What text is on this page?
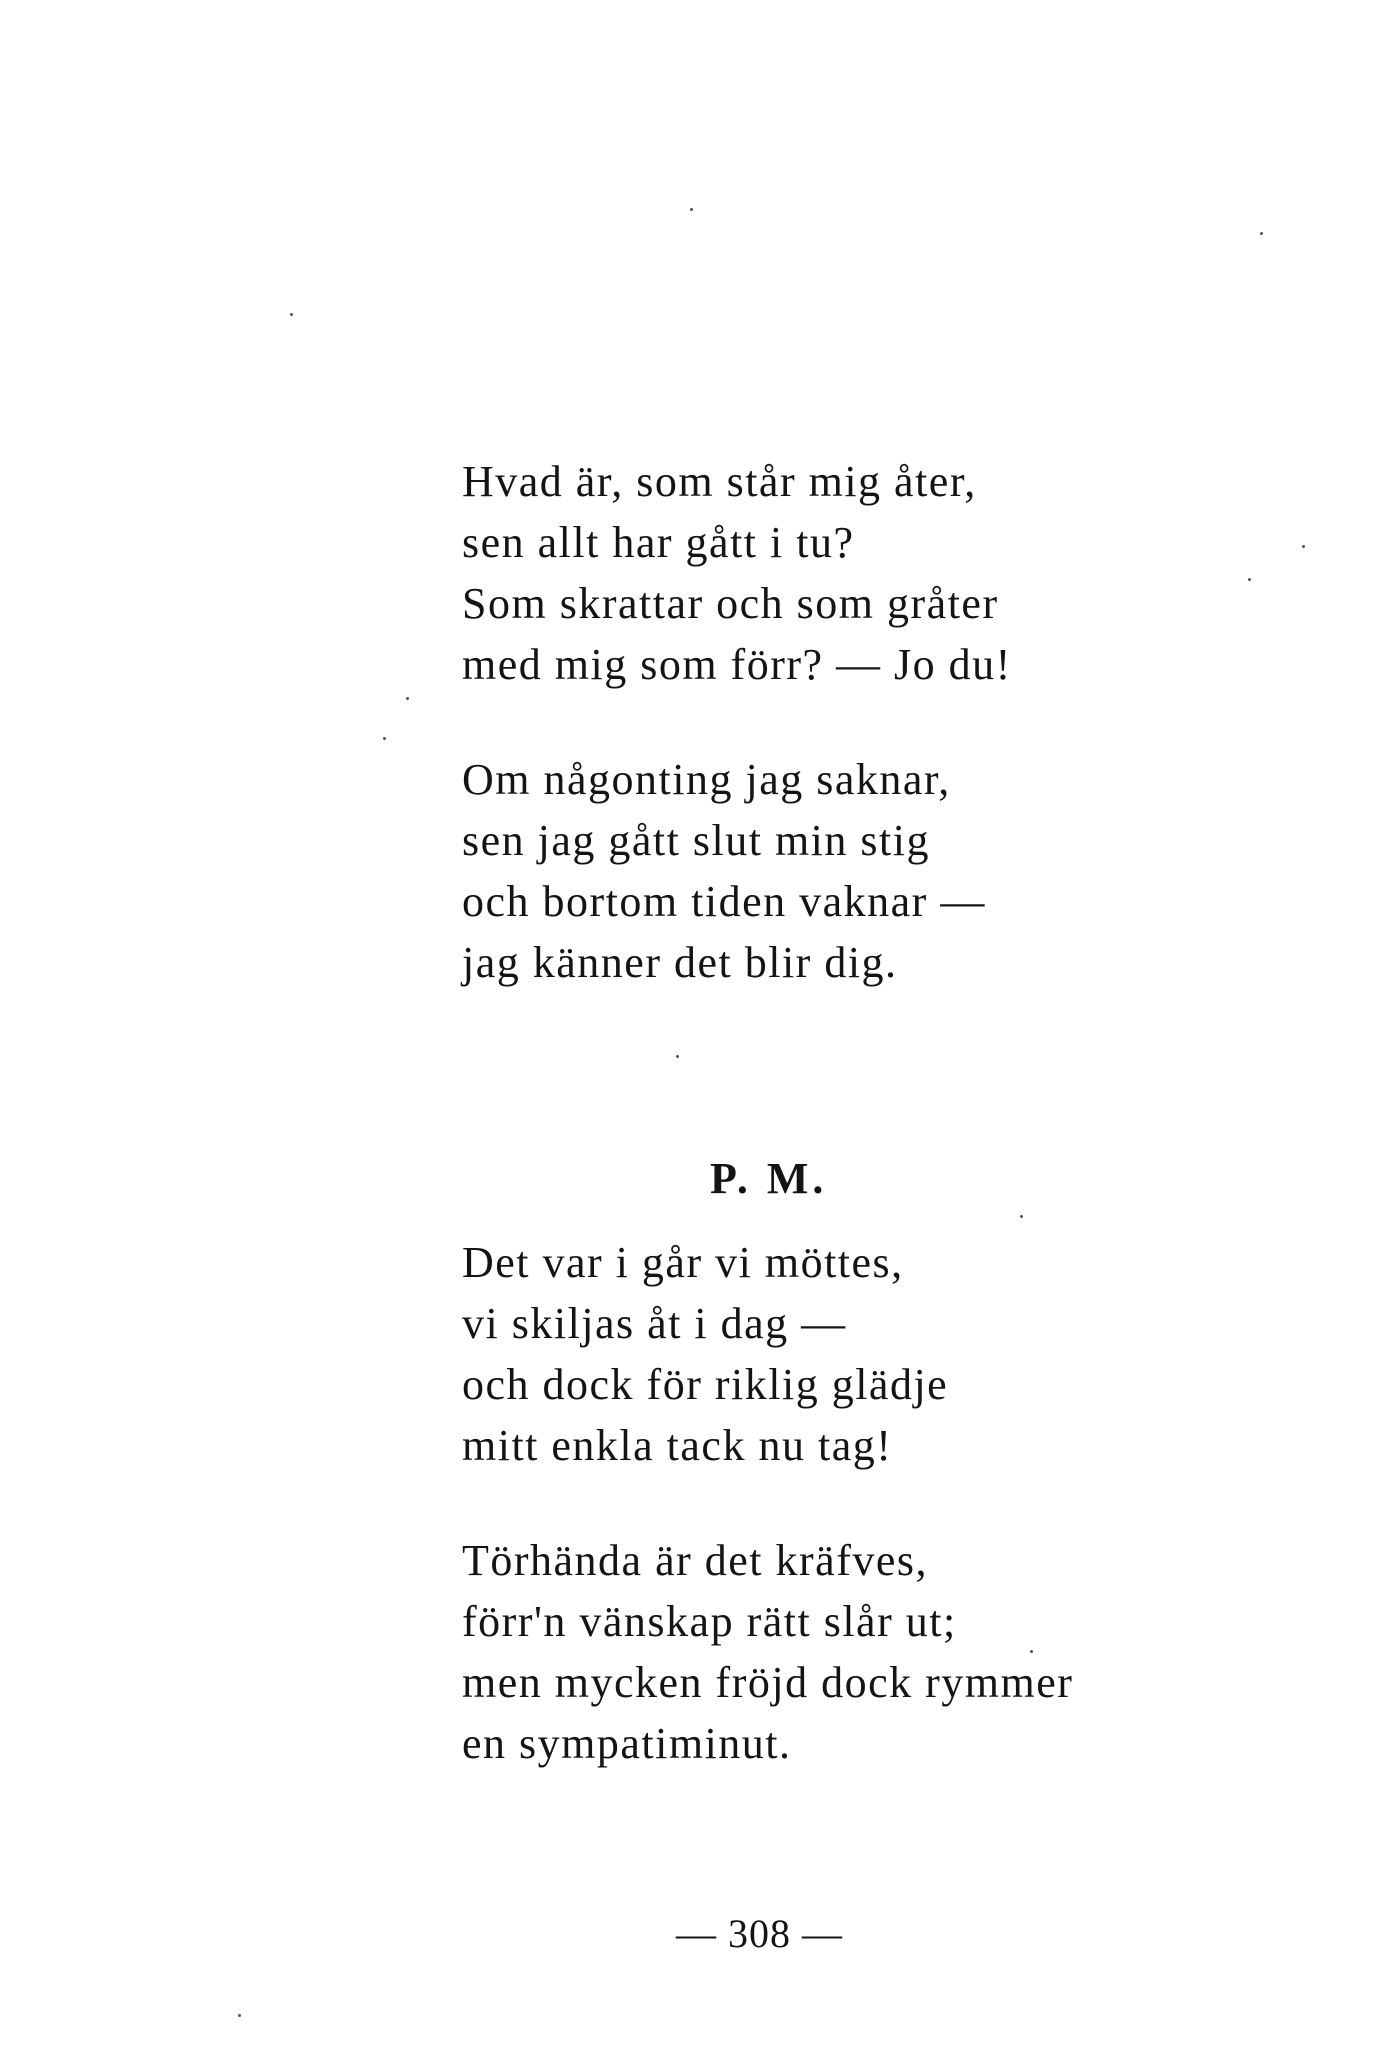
Hvad är, som står mig åter,
sen allt har gått i tu?
Som skrattar och som gråter
med mig som förr? — Jo du!
Om någonting jag saknar,
sen jag gått slut min stig
och bortom tiden vaknar —
jag känner det blir dig.
P. M.
Det var i går vi möttes,
vi skiljas åt i dag —
och dock för riklig glädje
mitt enkla tack nu tag!
Törhända är det kräfves,
förr'n vänskap rätt slår ut;
men mycken fröjd dock rymmer
en sympatiminut.
— 308 —
